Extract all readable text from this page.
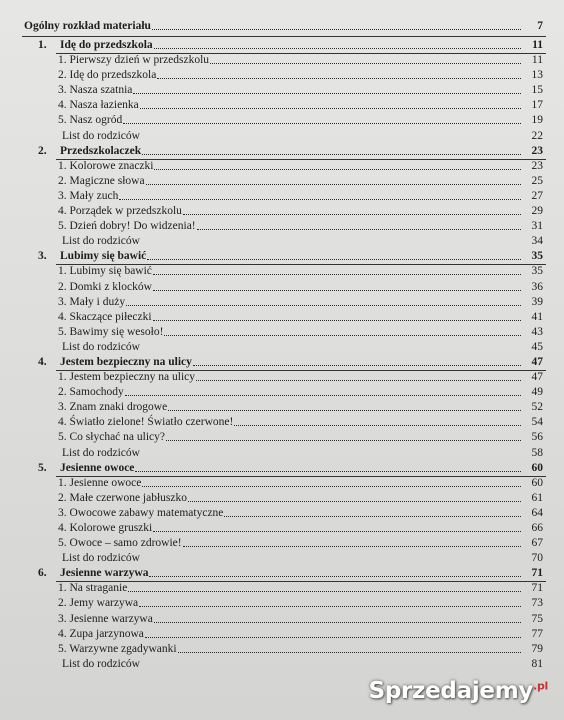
Ogólny rozkład materiału	7
1. Idę do przedszkola	11
1. Pierwszy dzień w przedszkolu	11
2. Idę do przedszkola	13
3. Nasza szatnia	15
4. Nasza łazienka	17
5. Nasz ogród	19
List do rodziców	22
2. Przedszkolaczek	23
1. Kolorowe znaczki	23
2. Magiczne słowa	25
3. Mały zuch	27
4. Porządek w przedszkolu	29
5. Dzień dobry! Do widzenia!	31
List do rodziców	34
3. Lubimy się bawić	35
1. Lubimy się bawić	35
2. Domki z klocków	36
3. Mały i duży	39
4. Skaczące piłeczki	41
5. Bawimy się wesoło!	43
List do rodziców	45
4. Jestem bezpieczny na ulicy	47
1. Jestem bezpieczny na ulicy	47
2. Samochody	49
3. Znam znaki drogowe	52
4. Światło zielone! Światło czerwone!	54
5. Co słychać na ulicy?	56
List do rodziców	58
5. Jesienne owoce	60
1. Jesienne owoce	60
2. Małe czerwone jabłuszko	61
3. Owocowe zabawy matematyczne	64
4. Kolorowe gruszki	66
5. Owoce – samo zdrowie!	67
List do rodziców	70
6. Jesienne warzywa	71
1. Na straganie	71
2. Jemy warzywa	73
3. Jesienne warzywa	75
4. Zupa jarzynowa	77
5. Warzywne zgadywanki	79
List do rodziców	81
Sprzedajemy$^{.pl}$
